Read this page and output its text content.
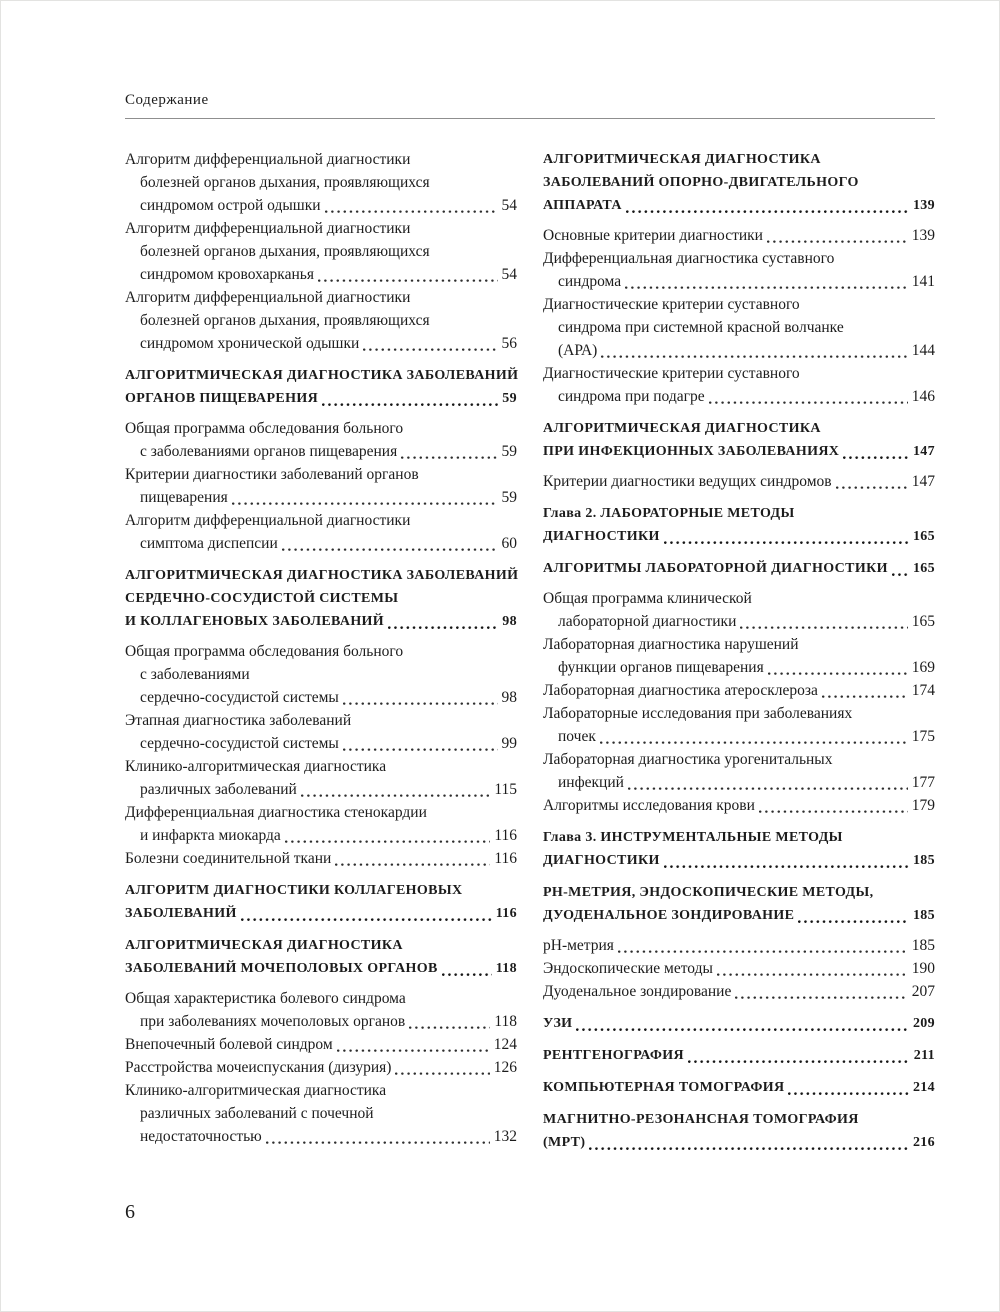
Содержание
Алгоритм дифференциальной диагностики
болезней органов дыхания, проявляющихся
синдромом острой одышки	54
Алгоритм дифференциальной диагностики
болезней органов дыхания, проявляющихся
синдромом кровохарканья	54
Алгоритм дифференциальной диагностики
болезней органов дыхания, проявляющихся
синдромом хронической одышки	56
АЛГОРИТМИЧЕСКАЯ ДИАГНОСТИКА ЗАБОЛЕВАНИЙ
ОРГАНОВ ПИЩЕВАРЕНИЯ	59
Общая программа обследования больного
с заболеваниями органов пищеварения	59
Критерии диагностики заболеваний органов
пищеварения	59
Алгоритм дифференциальной диагностики
симптома диспепсии	60
АЛГОРИТМИЧЕСКАЯ ДИАГНОСТИКА ЗАБОЛЕВАНИЙ
СЕРДЕЧНО-СОСУДИСТОЙ СИСТЕМЫ
И КОЛЛАГЕНОВЫХ ЗАБОЛЕВАНИЙ	98
Общая программа обследования больного
с заболеваниями
сердечно-сосудистой системы	98
Этапная диагностика заболеваний
сердечно-сосудистой системы	99
Клинико-алгоритмическая диагностика
различных заболеваний	115
Дифференциальная диагностика стенокардии
и инфаркта миокарда	116
Болезни соединительной ткани	116
АЛГОРИТМ ДИАГНОСТИКИ КОЛЛАГЕНОВЫХ
ЗАБОЛЕВАНИЙ	116
АЛГОРИТМИЧЕСКАЯ ДИАГНОСТИКА
ЗАБОЛЕВАНИЙ МОЧЕПОЛОВЫХ ОРГАНОВ	118
Общая характеристика болевого синдрома
при заболеваниях мочеполовых органов	118
Внепочечный болевой синдром	124
Расстройства мочеиспускания (дизурия)	126
Клинико-алгоритмическая диагностика
различных заболеваний с почечной
недостаточностью	132
АЛГОРИТМИЧЕСКАЯ ДИАГНОСТИКА
ЗАБОЛЕВАНИЙ ОПОРНО-ДВИГАТЕЛЬНОГО
АППАРАТА	139
Основные критерии диагностики	139
Дифференциальная диагностика суставного
синдрома	141
Диагностические критерии суставного
синдрома при системной красной волчанке
(АРА)	144
Диагностические критерии суставного
синдрома при подагре	146
АЛГОРИТМИЧЕСКАЯ ДИАГНОСТИКА
ПРИ ИНФЕКЦИОННЫХ ЗАБОЛЕВАНИЯХ	147
Критерии диагностики ведущих синдромов	147
Глава 2. ЛАБОРАТОРНЫЕ МЕТОДЫ
ДИАГНОСТИКИ	165
АЛГОРИТМЫ ЛАБОРАТОРНОЙ ДИАГНОСТИКИ 165
Общая программа клинической
лабораторной диагностики	165
Лабораторная диагностика нарушений
функции органов пищеварения	169
Лабораторная диагностика атеросклероза	174
Лабораторные исследования при заболеваниях
почек	175
Лабораторная диагностика урогенитальных
инфекций	177
Алгоритмы исследования крови	179
Глава 3. ИНСТРУМЕНТАЛЬНЫЕ МЕТОДЫ
ДИАГНОСТИКИ	185
РН-МЕТРИЯ, ЭНДОСКОПИЧЕСКИЕ МЕТОДЫ,
ДУОДЕНАЛЬНОЕ ЗОНДИРОВАНИЕ	185
рН-метрия	185
Эндоскопические методы	190
Дуоденальное зондирование	207
УЗИ	209
РЕНТГЕНОГРАФИЯ	211
КОМПЬЮТЕРНАЯ ТОМОГРАФИЯ	214
МАГНИТНО-РЕЗОНАНСНАЯ ТОМОГРАФИЯ
(МРТ)	216
6
